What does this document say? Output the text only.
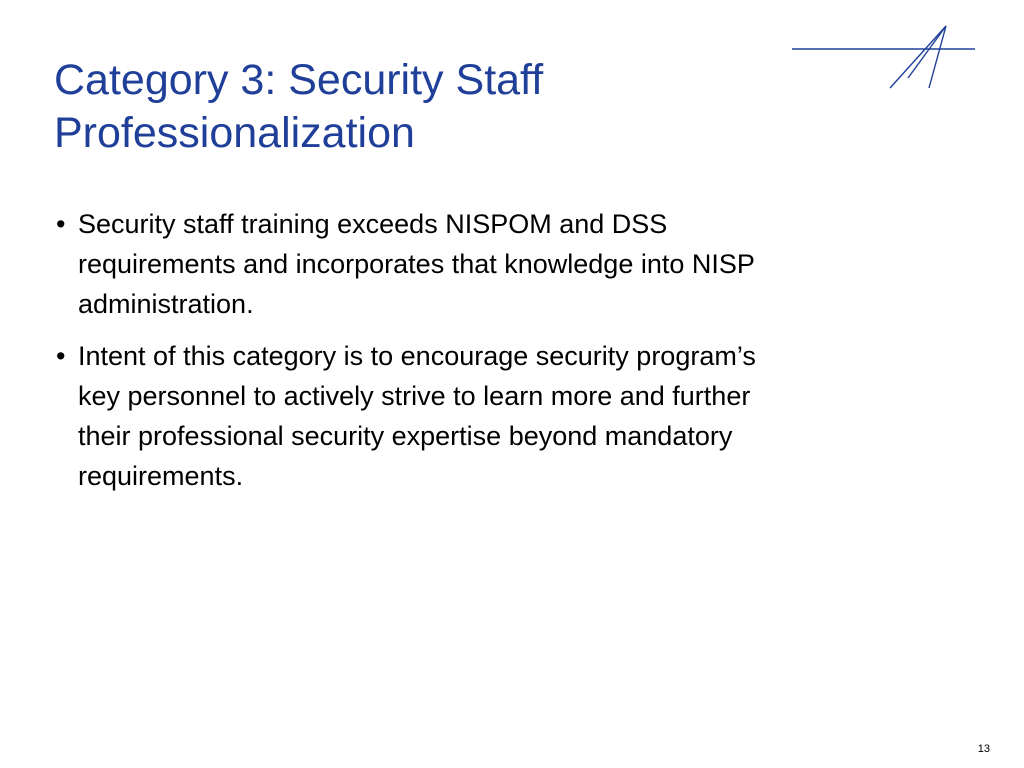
Category 3: Security Staff
Professionalization
• Security staff training exceeds NISPOM and DSS
requirements and incorporates that knowledge into NISP
administration.
• Intent of this category is to encourage security program’s
key personnel to actively strive to learn more and further
their professional security expertise beyond mandatory
requirements.
13
